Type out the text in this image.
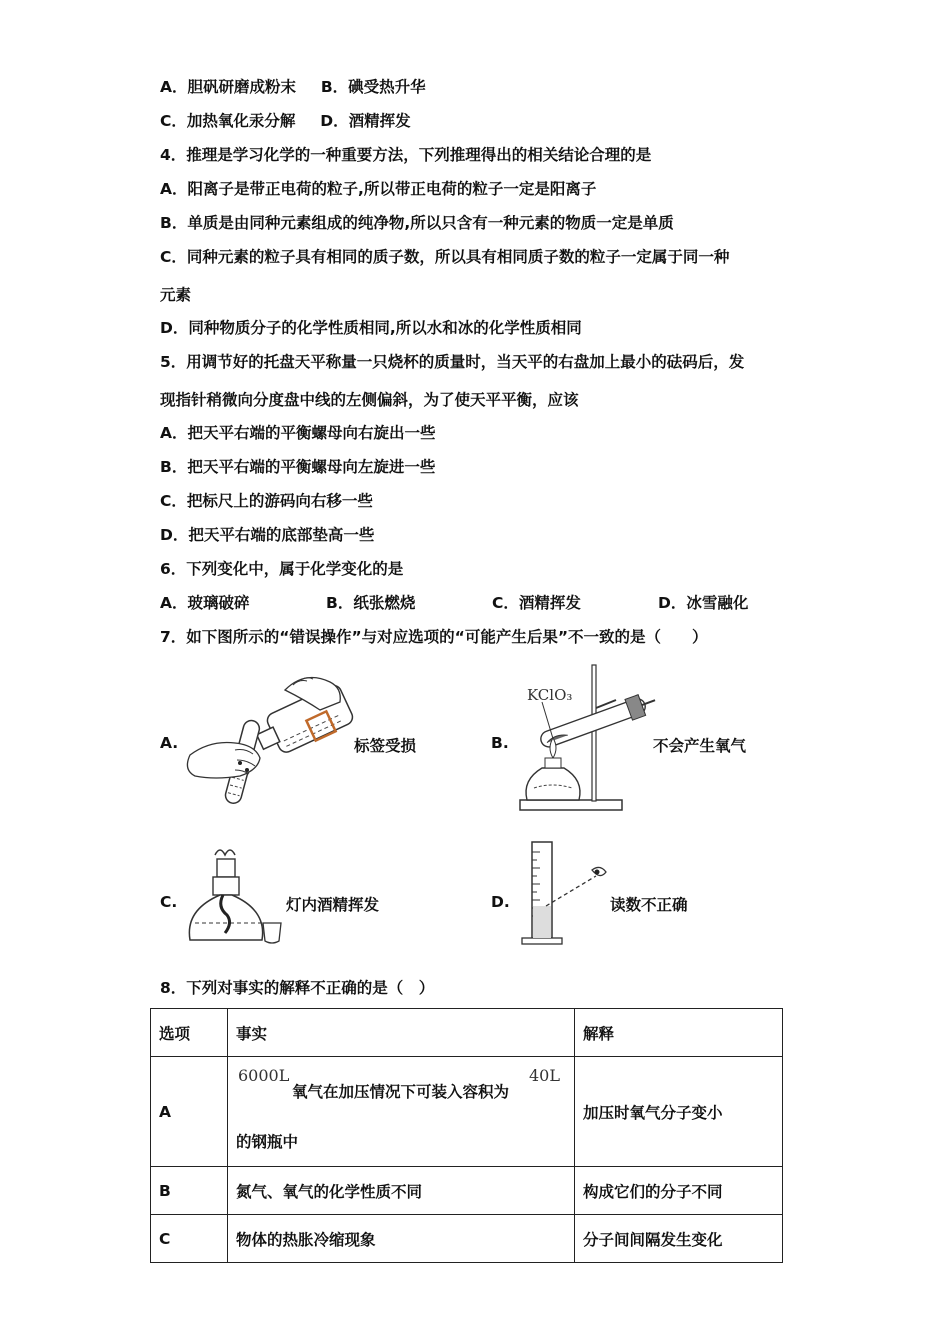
A．胆矾研磨成粉末 B．碘受热升华
C．加热氧化汞分解 D．酒精挥发
4．推理是学习化学的一种重要方法，下列推理得出的相关结论合理的是
A．阳离子是带正电荷的粒子,所以带正电荷的粒子一定是阳离子
B．单质是由同种元素组成的纯净物,所以只含有一种元素的物质一定是单质
C．同种元素的粒子具有相同的质子数，所以具有相同质子数的粒子一定属于同一种
元素
D．同种物质分子的化学性质相同,所以水和冰的化学性质相同
5．用调节好的托盘天平称量一只烧杯的质量时，当天平的右盘加上最小的砝码后，发
现指针稍微向分度盘中线的左侧偏斜，为了使天平平衡，应该
A．把天平右端的平衡螺母向右旋出一些
B．把天平右端的平衡螺母向左旋进一些
C．把标尺上的游码向右移一些
D．把天平右端的底部垫高一些
6．下列变化中，属于化学变化的是
A．玻璃破碎	B．纸张燃烧	C．酒精挥发	D．冰雪融化
7．如下图所示的“错误操作”与对应选项的“可能产生后果”不一致的是（　　）
A.	标签受损	B.
KClO₃
不会产生氧气
C.	灯内酒精挥发	D.	读数不正确
8．下列对事实的解释不正确的是（　）
选项	事实	解释
A	6000L
氧气在加压情况下可装入容积为
40L
的钢瓶中	加压时氧气分子变小
B	氮气、氧气的化学性质不同	构成它们的分子不同
C	物体的热胀冷缩现象	分子间间隔发生变化
